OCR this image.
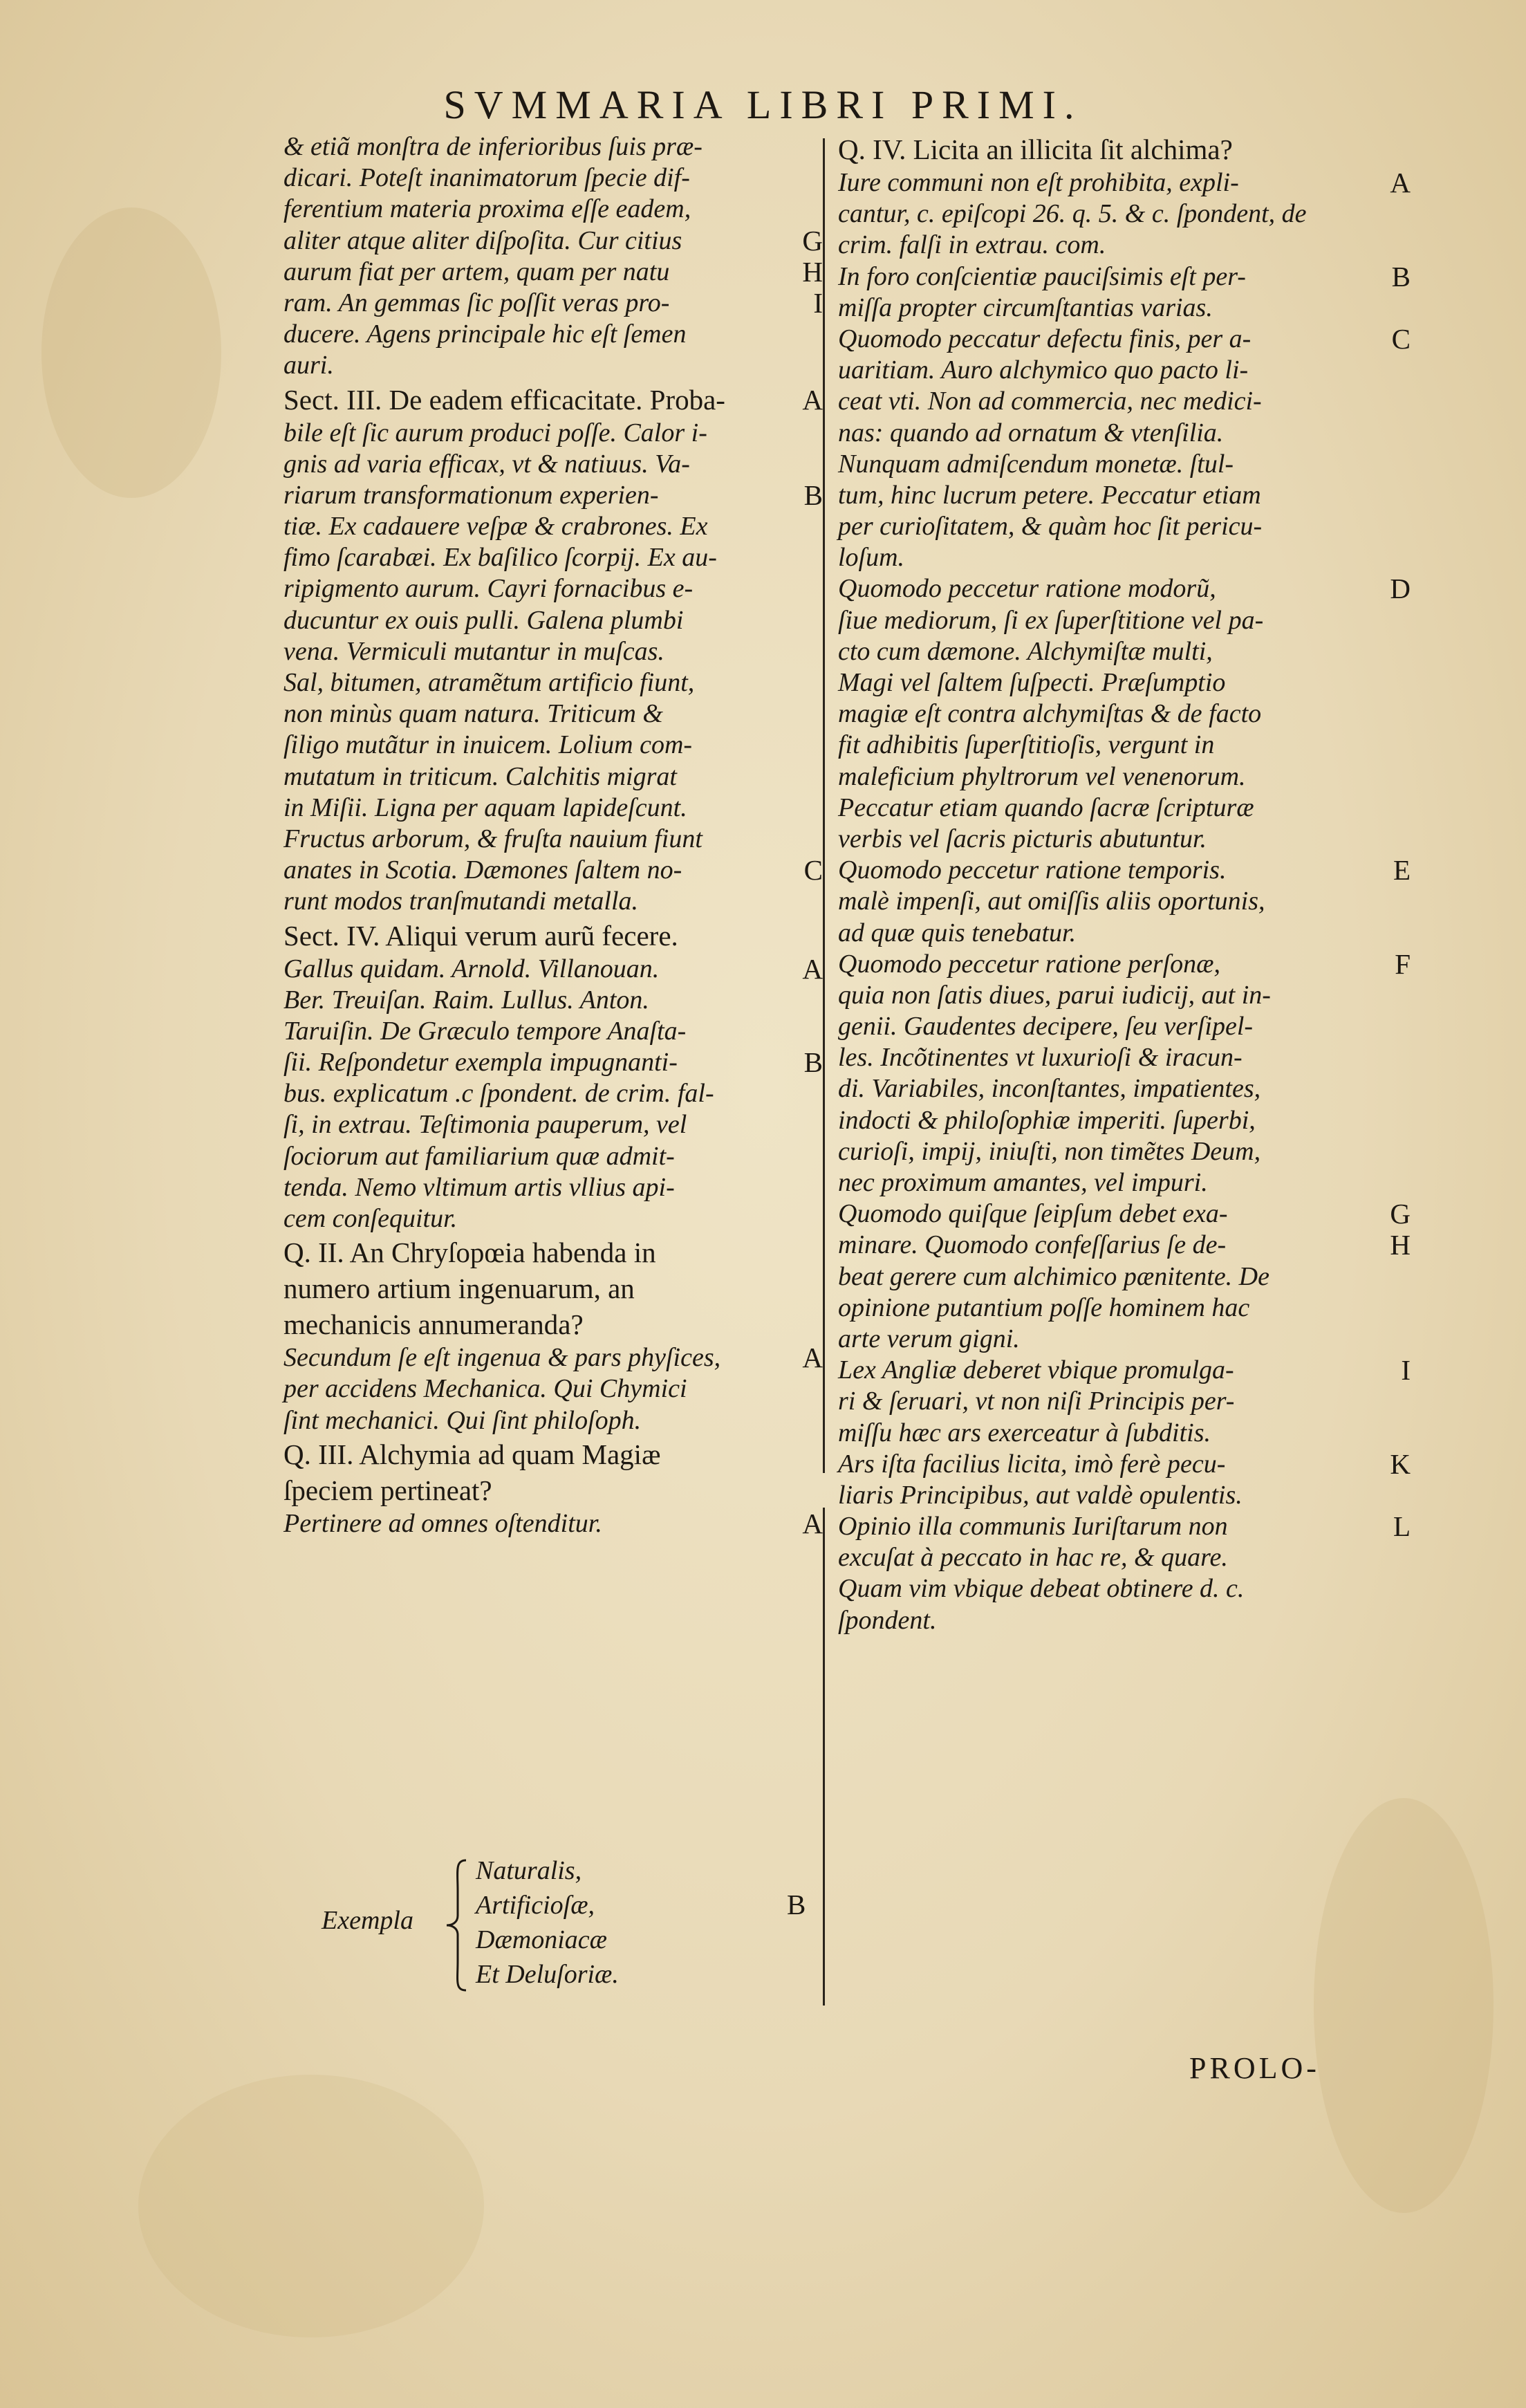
SVMMARIA LIBRI PRIMI.
& etiã monſtra de inferioribus ſuis præ-
dicari. Poteſt inanimatorum ſpecie dif-
ferentium materia proxima eſſe eadem,
aliter atque aliter diſpoſita. Cur citius	G
aurum fiat per artem, quam per natu	H
ram. An gemmas ſic poſſit veras pro-	I
ducere. Agens principale hic eſt ſemen
auri.
Sect. III. De eadem efficacitate. Proba-	A
bile eſt ſic aurum produci poſſe. Calor i-
gnis ad varia efficax, vt & natiuus. Va-
riarum transformationum experien-	B
tiæ. Ex cadauere veſpæ & crabrones. Ex
fimo ſcarabæi. Ex baſilico ſcorpij. Ex au-
ripigmento aurum. Cayri fornacibus e-
ducuntur ex ouis pulli. Galena plumbi
vena. Vermiculi mutantur in muſcas.
Sal, bitumen, atramẽtum artificio fiunt,
non minùs quam natura. Triticum &
ſiligo mutãtur in inuicem. Lolium com-
mutatum in triticum. Calchitis migrat
in Miſii. Ligna per aquam lapideſcunt.
Fructus arborum, & fruſta nauium fiunt
anates in Scotia. Dæmones ſaltem no-	C
runt modos tranſmutandi metalla.
Sect. IV. Aliqui verum aurũ fecere.
Gallus quidam. Arnold. Villanouan.	A
Ber. Treuiſan. Raim. Lullus. Anton.
Taruiſin. De Græculo tempore Anaſta-
ſii. Reſpondetur exempla impugnanti-	B
bus. explicatum .c ſpondent. de crim. fal-
ſi, in extrau. Teſtimonia pauperum, vel
ſociorum aut familiarium quæ admit-
tenda. Nemo vltimum artis vllius api-
cem conſequitur.
Q. II. An Chryſopœia habenda in
numero artium ingenuarum, an
mechanicis annumeranda?
Secundum ſe eſt ingenua & pars phyſices,	A
per accidens Mechanica. Qui Chymici
ſint mechanici. Qui ſint philoſoph.
Q. III. Alchymia ad quam Magiæ
ſpeciem pertineat?
Pertinere ad omnes oſtenditur.	A
Q. IV. Licita an illicita ſit alchima?
Iure communi non eſt prohibita, expli-	A
cantur, c. epiſcopi 26. q. 5. & c. ſpondent, de
crim. falſi in extrau. com.
In foro conſcientiæ pauciſsimis eſt per-	B
miſſa propter circumſtantias varias.
Quomodo peccatur defectu finis, per a-	C
uaritiam. Auro alchymico quo pacto li-
ceat vti. Non ad commercia, nec medici-
nas: quando ad ornatum & vtenſilia.
Nunquam admiſcendum monetæ. ſtul-
tum, hinc lucrum petere. Peccatur etiam
per curioſitatem, & quàm hoc ſit pericu-
loſum.
Quomodo peccetur ratione modorũ,	D
ſiue mediorum, ſi ex ſuperſtitione vel pa-
cto cum dæmone. Alchymiſtæ multi,
Magi vel ſaltem ſuſpecti. Præſumptio
magiæ eſt contra alchymiſtas & de facto
fit adhibitis ſuperſtitioſis, vergunt in
maleficium phyltrorum vel venenorum.
Peccatur etiam quando ſacræ ſcripturæ
verbis vel ſacris picturis abutuntur.
Quomodo peccetur ratione temporis.	E
malè impenſi, aut omiſſis aliis oportunis,
ad quæ quis tenebatur.
Quomodo peccetur ratione perſonæ,	F
quia non ſatis diues, parui iudicij, aut in-
genii. Gaudentes decipere, ſeu verſipel-
les. Incõtinentes vt luxurioſi & iracun-
di. Variabiles, inconſtantes, impatientes,
indocti & philoſophiæ imperiti. ſuperbi,
curioſi, impij, iniuſti, non timẽtes Deum,
nec proximum amantes, vel impuri.
Quomodo quiſque ſeipſum debet exa-	G
minare. Quomodo confeſſarius ſe de-	H
beat gerere cum alchimico pænitente. De
opinione putantium poſſe hominem hac
arte verum gigni.
Lex Angliæ deberet vbique promulga-	I
ri & ſeruari, vt non niſi Principis per-
miſſu hæc ars exerceatur à ſubditis.
Ars iſta facilius licita, imò ferè pecu-	K
liaris Principibus, aut valdè opulentis.
Opinio illa communis Iuriſtarum non	L
excuſat à peccato in hac re, & quare.
Quam vim vbique debeat obtinere d. c.
ſpondent.
Exempla
Naturalis,
Artificioſæ,
Dæmoniacæ
Et Deluſoriæ.
B
PROLO-
